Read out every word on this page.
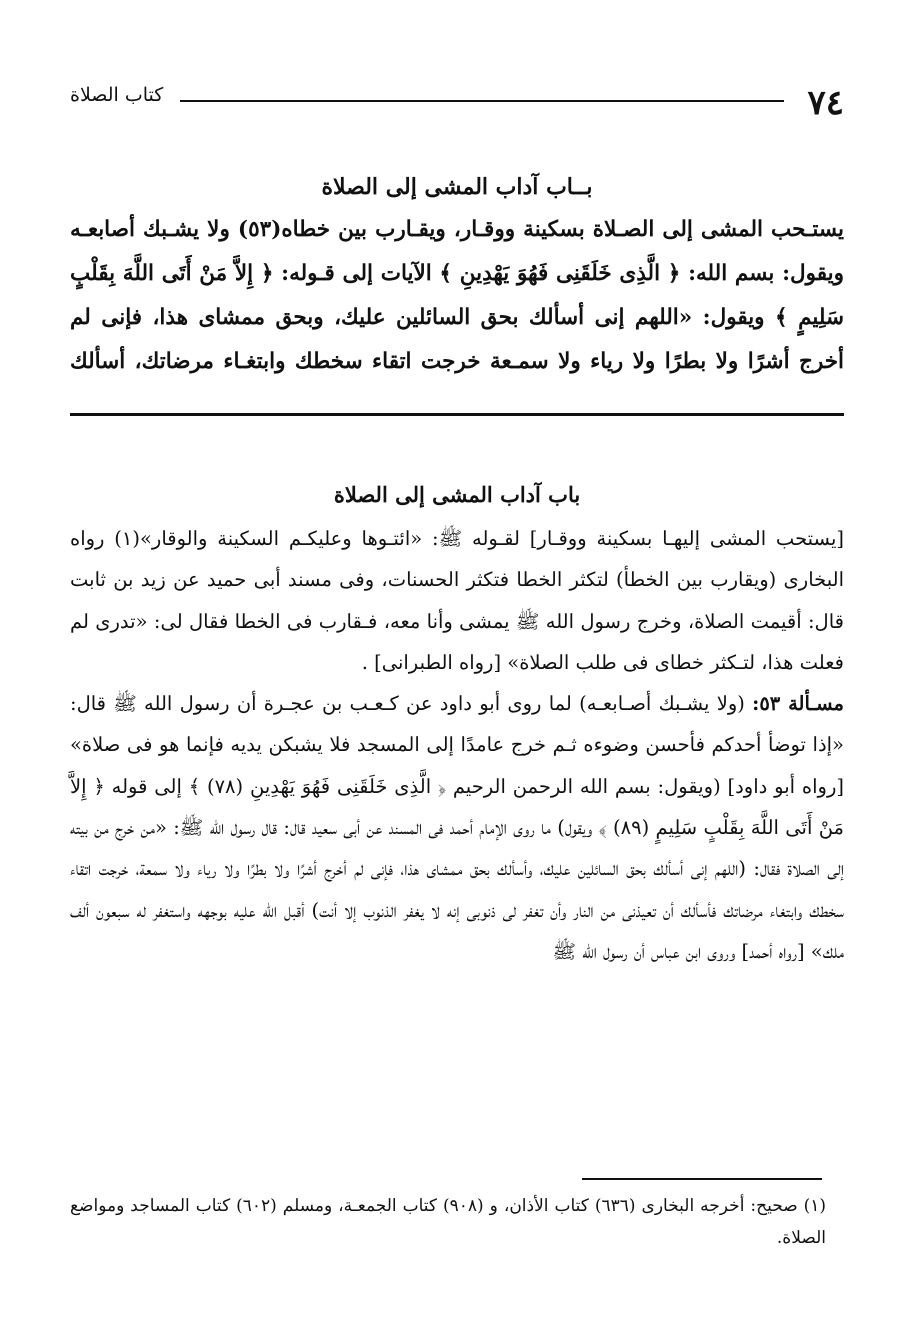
٧٤
كتاب الصلاة
بــاب آداب المشى إلى الصلاة

يستـحب المشى إلى الصـلاة بسكينة ووقـار، ويقـارب بين خطاه(٥٣) ولا يشـبك أصابعـه ويقول: بسم الله: ﴿ الَّذِى خَلَقَنِى فَهُوَ يَهْدِينِ ﴾ الآيات إلى قـوله: ﴿ إِلاَّ مَنْ أَتَى اللَّهَ بِقَلْبٍ سَلِيمٍ ﴾ ويقول: «اللهم إنى أسألك بحق السائلين عليك، وبحق ممشاى هذا، فإنى لم أخرج أشرًا ولا بطرًا ولا رياء ولا سمـعة خرجت اتقاء سخطك وابتغـاء مرضاتك، أسألك

باب آداب المشى إلى الصلاة

[يستحب المشى إليهـا بسكينة ووقـار] لقـوله ﷺ: «ائتـوها وعليكـم السكينة والوقار»(١) رواه البخارى (ويقارب بين الخطأ) لتكثر الخطا فتكثر الحسنات، وفى مسند أبى حميد عن زيد بن ثابت قال: أقيمت الصلاة، وخرج رسول الله ﷺ يمشى وأنا معه، فـقارب فى الخطا فقال لى: «تدرى لم فعلت هذا، لتـكثر خطاى فى طلب الصلاة» [رواه الطبرانى] .

مسـألة ٥٣: (ولا يشـبك أصـابعـه) لما روى أبو داود عن كـعـب بن عجـرة أن رسول الله ﷺ قال: «إذا توضأ أحدكم فأحسن وضوءه ثـم خرج عامدًا إلى المسجد فلا يشبكن يديه فإنما هو فى صلاة» [رواه أبو داود] (ويقول: بسم الله الرحمن الرحيم ﴿ الَّذِى خَلَقَنِى فَهُوَ يَهْدِينِ (٧٨) ﴾ إلى قوله ﴿ إِلاَّ مَنْ أَتَى اللَّهَ بِقَلْبٍ سَلِيمٍ (٨٩) ﴾ ويقول) ما روى الإمام أحمد فى المسند عن أبى سعيد قال: قال رسول الله ﷺ: «من خرج من بيته إلى الصلاة فقال: (اللهم إنى أسألك بحق السائلين عليك، وأسألك بحق ممشاى هذا، فإنى لم أخرج أشرًا ولا بطرًا ولا رياء ولا سمعة، خرجت اتقاء سخطك وابتغاء مرضاتك فأسألك أن تعيذنى من النار وأن تغفر لى ذنوبى إنه لا يغفر الذنوب إلا أنت) أقبل الله عليه بوجهه واستغفر له سبعون ألف ملك» [رواه أحمد] وروى ابن عباس أن رسول الله ﷺ

(١) صحيح: أخرجه البخارى (٦٣٦) كتاب الأذان، و (٩٠٨) كتاب الجمعـة، ومسلم (٦٠٢) كتاب المساجد ومواضع الصلاة.
